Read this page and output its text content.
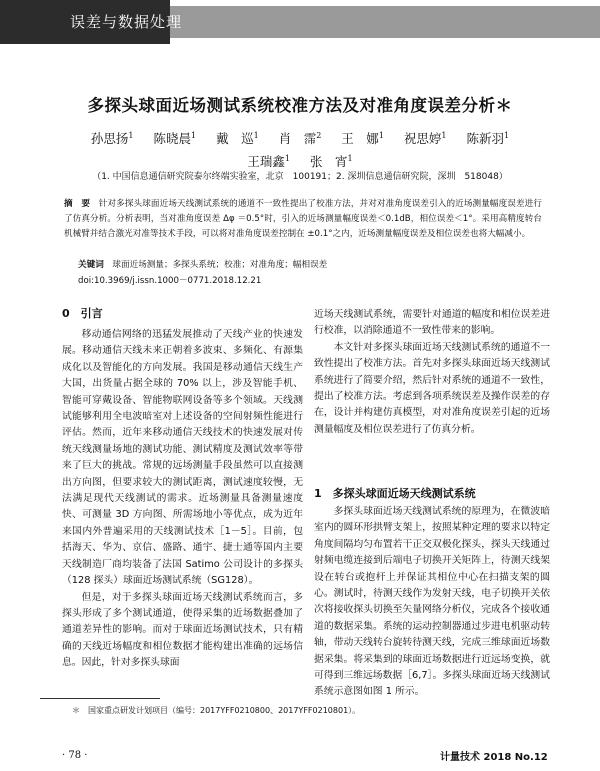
误差与数据处理
多探头球面近场测试系统校准方法及对准角度误差分析＊
孙思扬$^1$ 陈晓晨$^1$ 戴　巡$^1$ 肖　霈$^2$ 王　娜$^1$ 祝思婷$^1$ 陈新羽$^1$
王瑞鑫$^1$ 张　宵$^1$
（1. 中国信息通信研究院泰尔终端实验室，北京　100191；2. 深圳信息通信研究院，深圳　518048）
摘　要　 针对多探头球面近场天线测试系统的通道不一致性提出了校准方法，并对对准角度误差引入的近场测量幅度误差进行了仿真分析。分析表明，当对准角度误差 Δφ ＝0.5°时，引入的近场测量幅度误差＜0.1dB，相位误差＜1°。采用高精度转台机械臂并结合激光对准等技术手段，可以将对准角度误差控制在 ±0.1°之内，近场测量幅度误差及相位误差也将大幅减小。
关键词　 球面近场测量；多探头系统；校准；对准角度；幅相误差
doi:10.3969/j.issn.1000－0771.2018.12.21
0　引言

移动通信网络的迅猛发展推动了天线产业的快速发展。移动通信天线未来正朝着多波束、多频化、有源集成化以及智能化的方向发展。我国是移动通信天线生产大国，出货量占据全球的 70% 以上，涉及智能手机、智能可穿戴设备、智能物联网设备等多个领域。天线测试能够利用全电波暗室对上述设备的空间射频性能进行评估。然而，近年来移动通信天线技术的快速发展对传统天线测量场地的测试功能、测试精度及测试效率等带来了巨大的挑战。常规的远场测量手段虽然可以直接测出方向图，但要求较大的测试距离，测试速度较慢，无法满足现代天线测试的需求。近场测量具备测量速度快、可测量 3D 方向图、所需场地小等优点，成为近年来国内外普遍采用的天线测试技术［1－5］。目前，包括海天、华为、京信、盛路、通宇、捷士通等国内主要天线制造厂商均装备了法国 Satimo 公司设计的多探头（128 探头）球面近场测试系统（SG128）。

但是，对于多探头球面近场天线测试系统而言，多探头形成了多个测试通道，使得采集的近场数据叠加了通道差异性的影响。而对于球面近场测试技术，只有精确的天线近场幅度和相位数据才能构建出准确的远场信息。因此，针对多探头球面

近场天线测试系统，需要针对通道的幅度和相位误差进行校准，以消除通道不一致性带来的影响。

本文针对多探头球面近场天线测试系统的通道不一致性提出了校准方法。首先对多探头球面近场天线测试系统进行了简要介绍，然后针对系统的通道不一致性，提出了校准方法。考虑到各项系统误差及操作误差的存在，设计并构建仿真模型，对对准角度误差引起的近场测量幅度及相位误差进行了仿真分析。

1　多探头球面近场天线测试系统

多探头球面近场天线测试系统的原理为，在微波暗室内的圆环形拱臂支架上，按照某种定理的要求以特定角度间隔均匀布置若干正交双极化探头，探头天线通过射频电缆连接到后端电子切换开关矩阵上，待测天线架设在转台或抱杆上并保证其相位中心在扫描支架的圆心。测试时，待测天线作为发射天线，电子切换开关依次将接收探头切换至矢量网络分析仪，完成各个接收通道的数据采集。系统的运动控制器通过步进电机驱动转轴，带动天线转台旋转待测天线，完成三维球面近场数据采集。将采集到的球面近场数据进行近远场变换，就可得到三维远场数据［6,7］。多探头球面近场天线测试系统示意图如图 1 所示。

＊　国家重点研发计划项目（编号：2017YFF0210800、2017YFF0210801）。
· 78 ·	计量技术 2018 No.12
